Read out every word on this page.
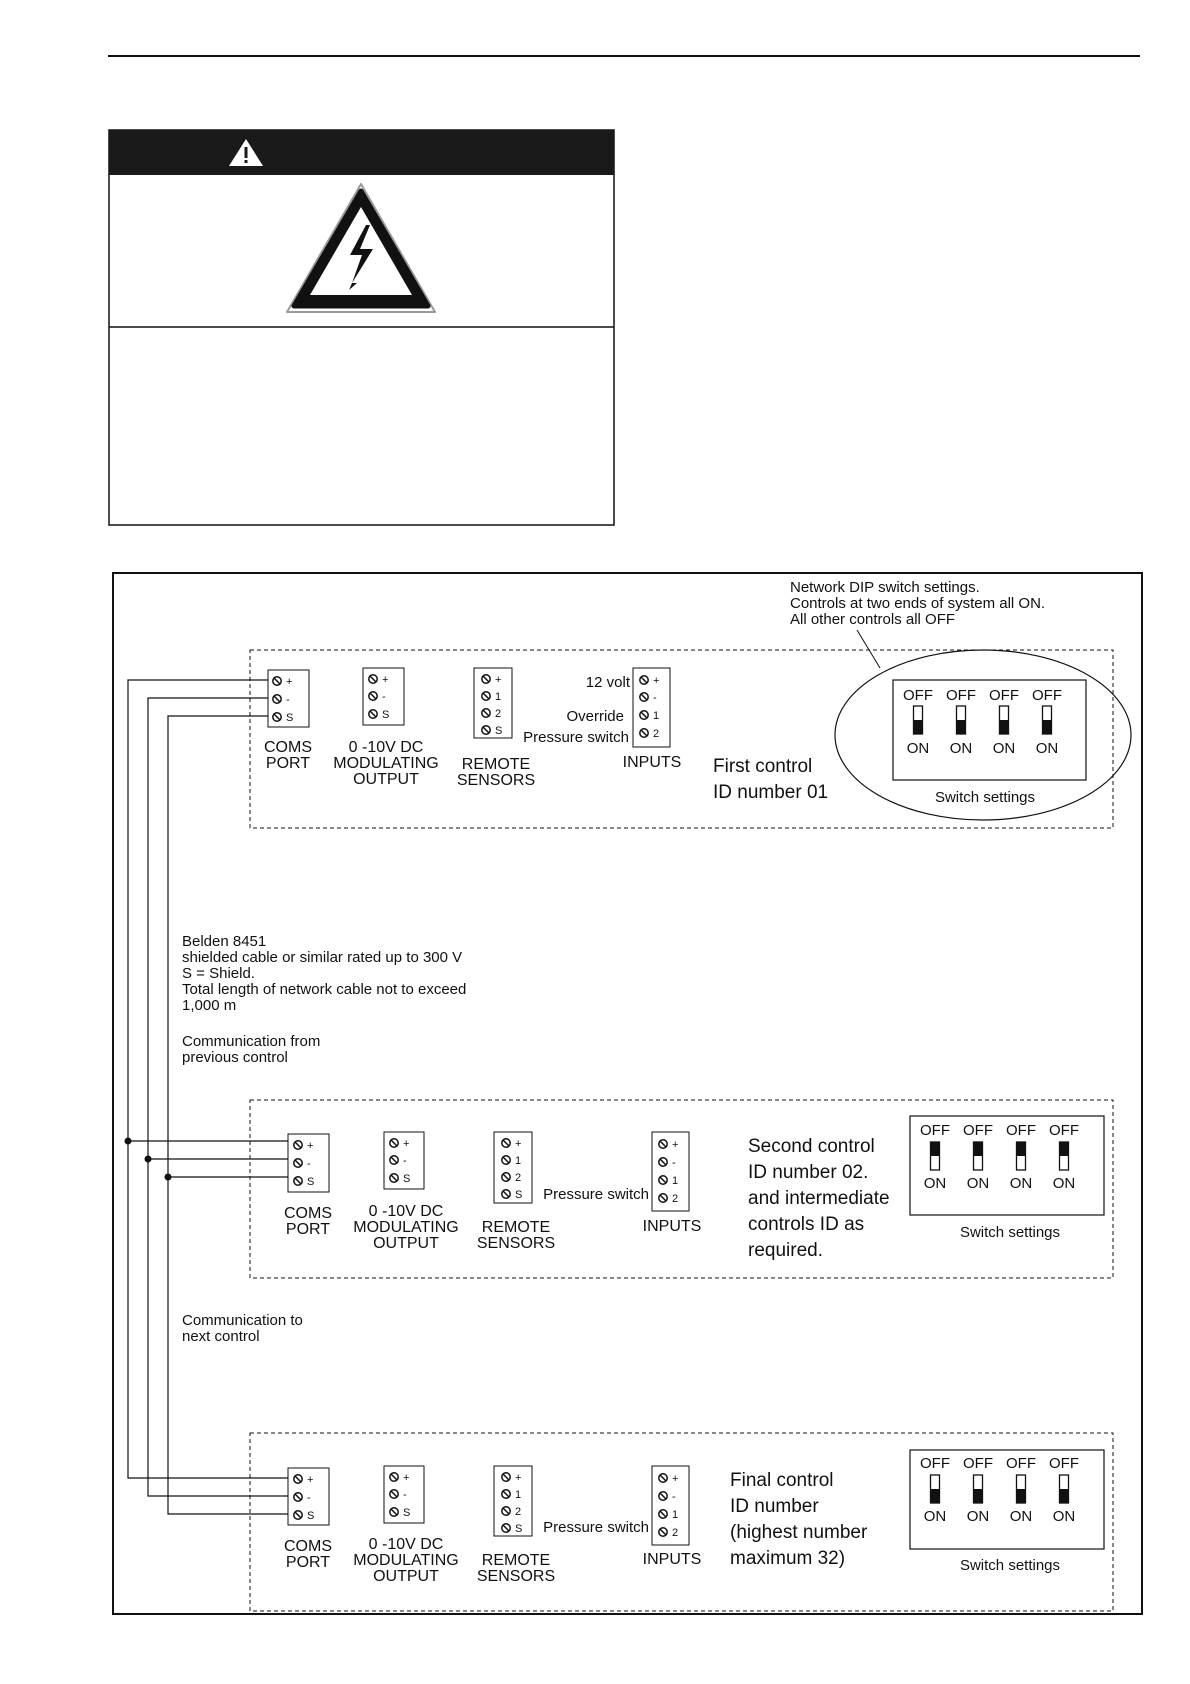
Network DIP switch settings.
Controls at two ends of system all ON.
All other controls all OFF
Belden 8451
shielded cable or similar rated up to 300 V
S = Shield.
Total length of network cable not to exceed
1,000 m
Communication from
previous control
Communication to
next control
+
-
S
COMS
PORT
+
-
S
0 -10V DC
MODULATING
OUTPUT
+
1
2
S
REMOTE
SENSORS
12 volt
Override
Pressure switch
+
-
1
2
INPUTS First control
ID number 01	Switch settings
+
-
S
COMS
PORT
+
-
S
0 -10V DC
MODULATING
OUTPUT
+
1
2
S
REMOTE
SENSORS
Pressure switch
+
-
1
2
INPUTS
Second control
ID number 02.
and intermediate
controls ID as
required.
Switch settings
+
-
S
COMS
PORT
+
-
S
0 -10V DC
MODULATING
OUTPUT
+
1
2
S
REMOTE
SENSORS
Pressure switch
+
-
1
2
INPUTS
Final control
ID number
(highest number
maximum 32)	Switch settings
OFF
ON
OFF
ON
OFF
ON
OFF
ON
OFF
ON
OFF
ON
OFF
ON
OFF
ON
OFF
ON
OFF
ON
OFF
ON
OFF
ON
